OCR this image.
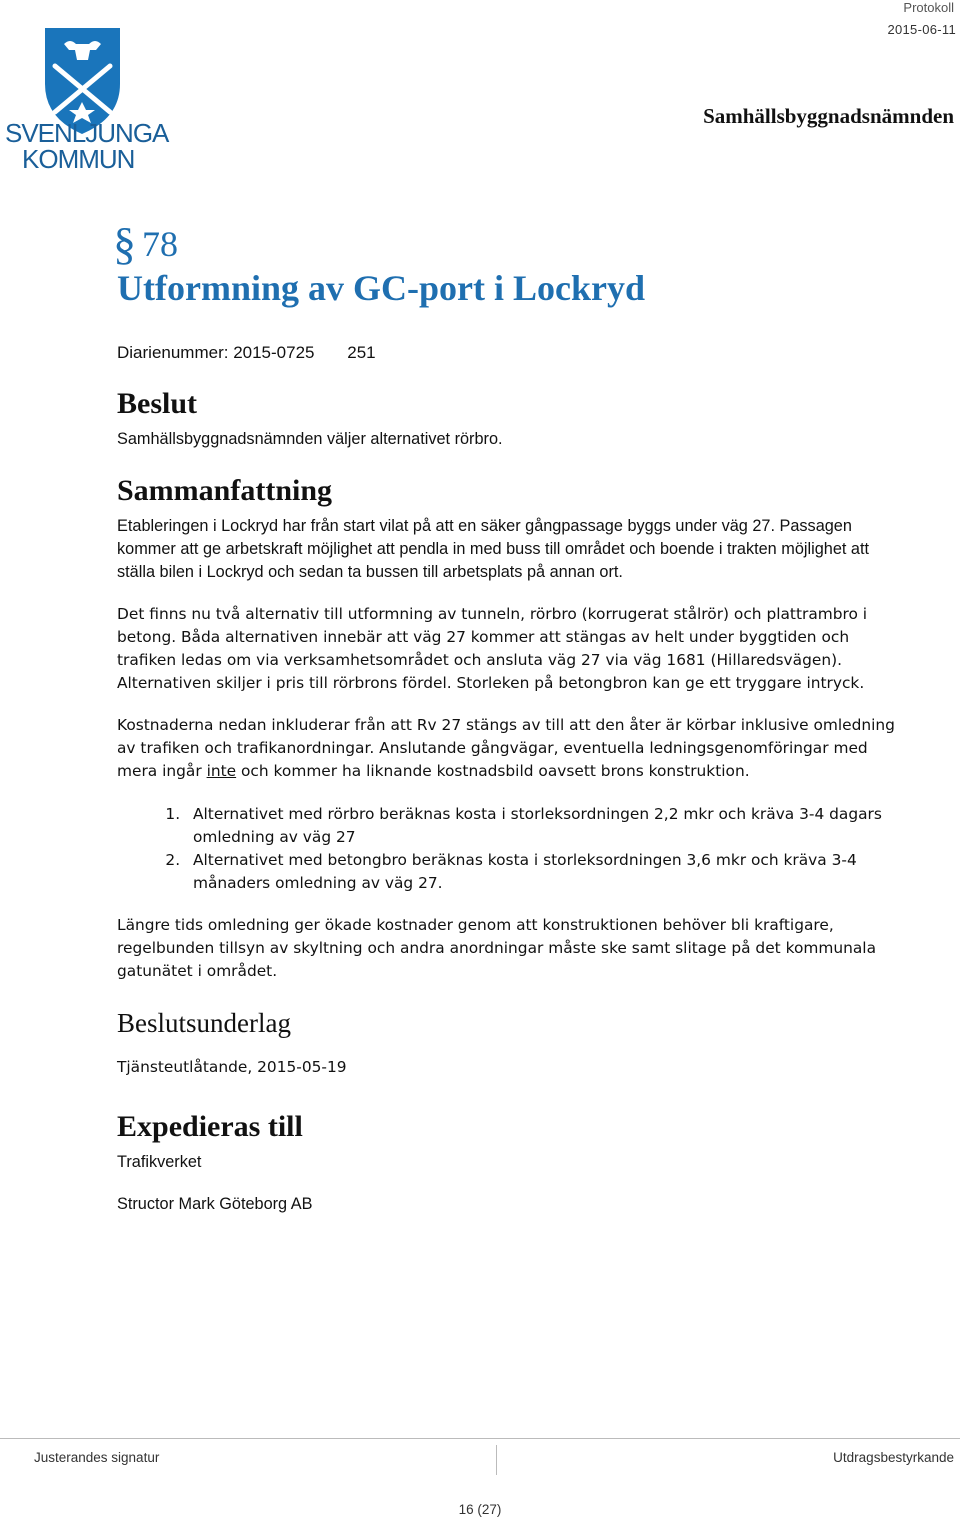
SVENLJUNGA
KOMMUN
Protokoll
2015-06-11
Samhällsbyggnadsnämnden
§ 78
Utformning av GC-port i Lockryd
Diarienummer: 2015-0725 251
Beslut

Samhällsbyggnadsnämnden väljer alternativet rörbro.

Sammanfattning

Etableringen i Lockryd har från start vilat på att en säker gångpassage byggs under väg 27. Passagen kommer att ge arbetskraft möjlighet att pendla in med buss till området och boende i trakten möjlighet att ställa bilen i Lockryd och sedan ta bussen till arbetsplats på annan ort.

Det finns nu två alternativ till utformning av tunneln, rörbro (korrugerat stålrör) och plattrambro i betong. Båda alternativen innebär att väg 27 kommer att stängas av helt under byggtiden och trafiken ledas om via verksamhetsområdet och ansluta väg 27 via väg 1681 (Hillaredsvägen). Alternativen skiljer i pris till rörbrons fördel. Storleken på betongbron kan ge ett tryggare intryck.

Kostnaderna nedan inkluderar från att Rv 27 stängs av till att den åter är körbar inklusive omledning av trafiken och trafikanordningar. Anslutande gångvägar, eventuella ledningsgenomföringar med mera ingår inte och kommer ha liknande kostnadsbild oavsett brons konstruktion.

1. Alternativet med rörbro beräknas kosta i storleksordningen 2,2 mkr och kräva 3-4 dagars omledning av väg 27
2. Alternativet med betongbro beräknas kosta i storleksordningen 3,6 mkr och kräva 3-4 månaders omledning av väg 27.

Längre tids omledning ger ökade kostnader genom att konstruktionen behöver bli kraftigare, regelbunden tillsyn av skyltning och andra anordningar måste ske samt slitage på det kommunala gatunätet i området.

Beslutsunderlag

Tjänsteutlåtande, 2015-05-19

Expedieras till

Trafikverket

Structor Mark Göteborg AB

Justerandes signatur	Utdragsbestyrkande
16 (27)
